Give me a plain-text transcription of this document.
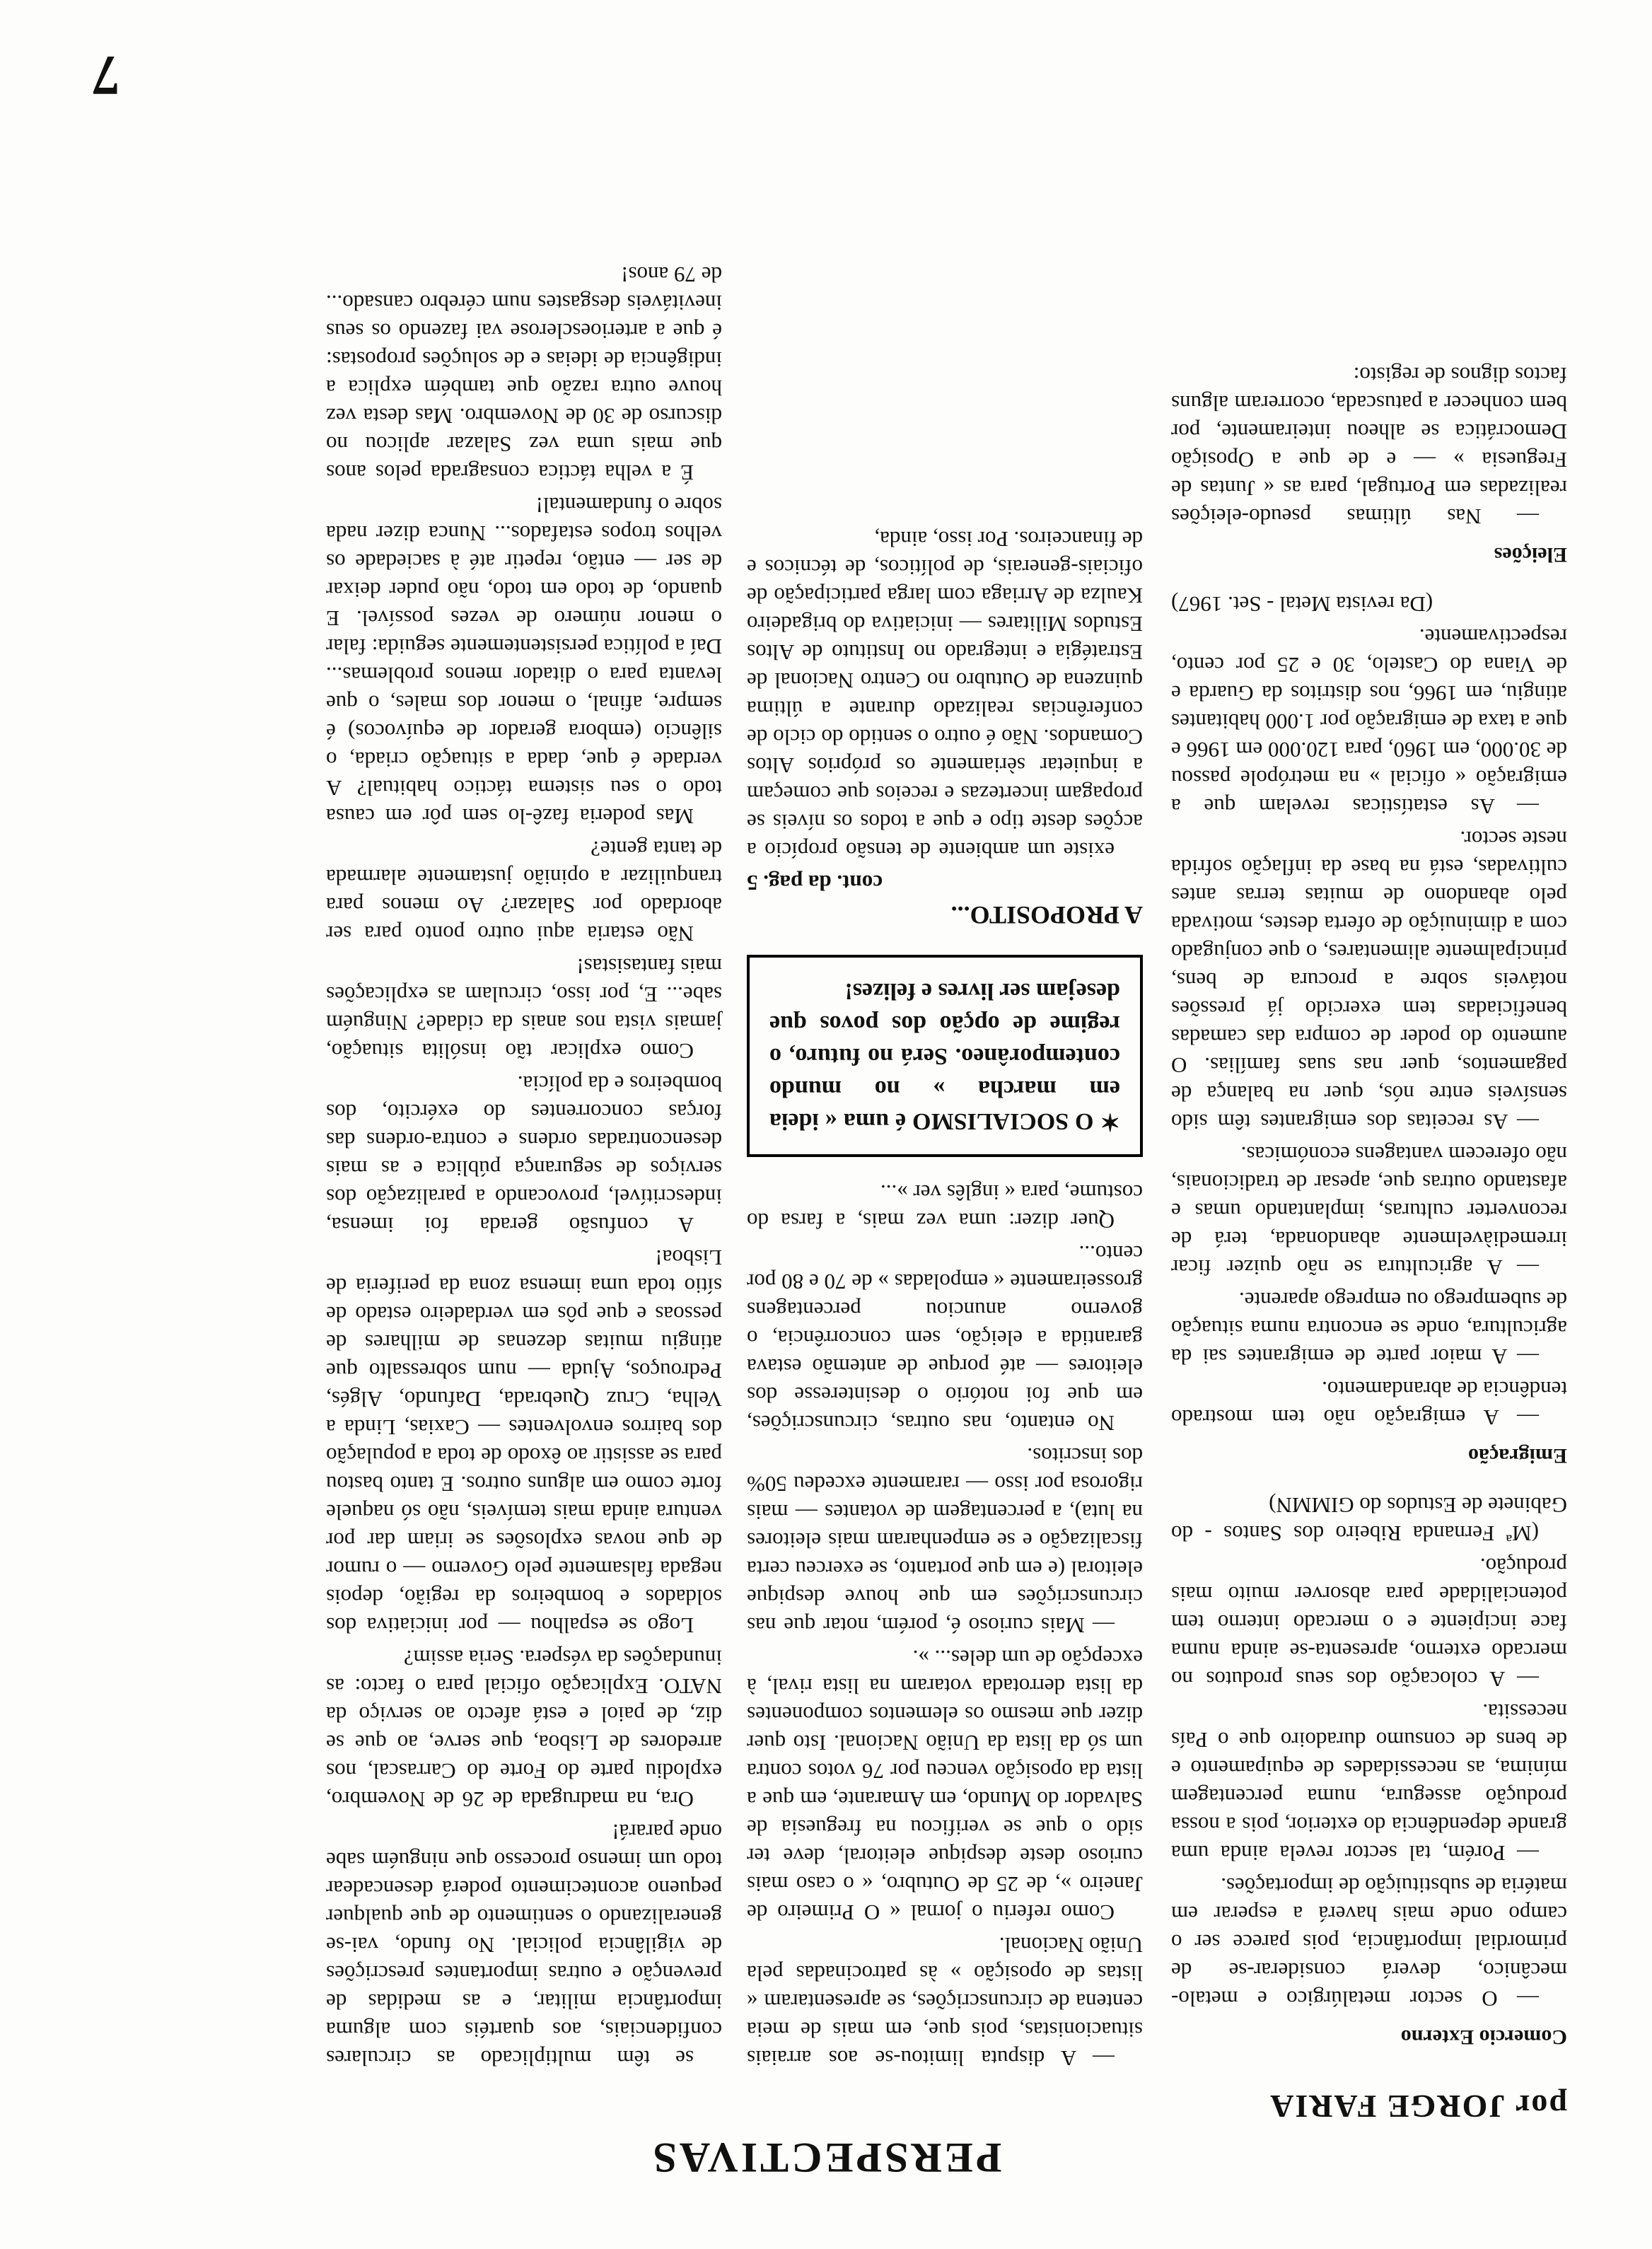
PERSPECTIVAS
por JORGE FARIA
Comercio Externo

— O sector metalúrgico e metalo-mecânico, deverá considerar-se de primordial importância, pois parece ser o campo onde mais haverá a esperar em matéria de substituição de importações.

— Porém, tal sector revela ainda uma grande dependência do exterior, pois a nossa produção assegura, numa percentagem mínima, as necessidades de equipamento e de bens de consumo duradoiro que o País necessita.

— A colocação dos seus produtos no mercado externo, apresenta-se ainda numa face incipiente e o mercado interno tem potencialidade para absorver muito mais produção.

(Mª Fernanda Ribeiro dos Santos - do Gabinete de Estudos do GIMMN)

Emigração

— A emigração não tem mostrado tendência de abrandamento.

— A maior parte de emigrantes sai da agricultura, onde se encontra numa situação de subemprego ou emprego aparente.

— A agricultura se não quizer ficar irremediàvelmente abandonada, terá de reconverter culturas, implantando umas e afastando outras que, apesar de tradicionais, não oferecem vantagens económicas.

— As receitas dos emigrantes têm sido sensíveis entre nós, quer na balança de pagamentos, quer nas suas famílias. O aumento do poder de compra das camadas beneficiadas tem exercido já pressões notáveis sobre a procura de bens, principalmente alimentares, o que conjugado com a diminuição de oferta destes, motivada pelo abandono de muitas terras antes cultivadas, está na base da inflação sofrida neste sector.

— As estatísticas revelam que a emigração « oficial » na metrópole passou de 30.000, em 1960, para 120.000 em 1966 e que a taxa de emigração por 1.000 habitantes atingiu, em 1966, nos distritos da Guarda e de Viana do Castelo, 30 e 25 por cento, respectivamente.

(Da revista Metal - Set. 1967)

Eleições

— Nas últimas pseudo-eleições realizadas em Portugal, para as « Juntas de Freguesia » — e de que a Oposição Democrática se alheou inteiramente, por bem conhecer a patuscada, ocorreram alguns factos dignos de registo:

— A disputa limitou-se aos arraiais situacionistas, pois que, em mais de meia centena de circunscrições, se apresentaram « listas de oposição » às patrocinadas pela União Nacional.

Como referiu o jornal « O Primeiro de Janeiro », de 25 de Outubro, « o caso mais curioso deste despique eleitoral, deve ter sido o que se verificou na freguesia de Salvador do Mundo, em Amarante, em que a lista da oposição venceu por 76 votos contra um só da lista da União Nacional. Isto quer dizer que mesmo os elementos componentes da lista derrotada votaram na lista rival, à excepção de um deles... ».

— Mais curioso é, porém, notar que nas circunscrições em que houve despique eleitoral (e em que portanto, se exerceu certa fiscalização e se empenharam mais eleitores na luta), a percentagem de votantes — mais rigorosa por isso — raramente excedeu 50% dos inscritos.

No entanto, nas outras, circunscrições, em que foi notório o desinteresse dos eleitores — até porque de antemão estava garantida a eleição, sem concorrência, o governo anunciou percentagens grosseiramente « empoladas » de 70 e 80 por cento...

Quer dizer: uma vez mais, a farsa do costume, para « inglês ver »...

✶ O SOCIALISMO é uma « ideia em marcha » no mundo contemporâneo. Será no futuro, o regime de opção dos povos que desejam ser livres e felizes!

A PROPOSITO...

cont. da pag. 5

existe um ambiente de tensão propício a acções deste tipo e que a todos os níveis se propagam incertezas e receios que começam a inquietar sèriamente os próprios Altos Comandos. Não é outro o sentido do ciclo de conferências realizado durante a última quinzena de Outubro no Centro Nacional de Estratégia e integrado no Instituto de Altos Estudos Militares — iniciativa do brigadeiro Kaulza de Arriaga com larga participação de oficiais-generais, de políticos, de técnicos e de financeiros. Por isso, ainda,

se têm multiplicado as circulares confidenciais, aos quartéis com alguma importância militar, e as medidas de prevenção e outras importantes prescrições de vigilância policial. No fundo, vai-se generalizando o sentimento de que qualquer pequeno acontecimento poderá desencadear todo um imenso processo que ninguém sabe onde parará!

Ora, na madrugada de 26 de Novembro, explodiu parte do Forte do Carrascal, nos arredores de Lisboa, que serve, ao que se diz, de paiol e está afecto ao serviço da NATO. Explicação oficial para o facto: as inundações da véspera. Seria assim?

Logo se espalhou — por iniciativa dos soldados e bombeiros da região, depois negada falsamente pelo Governo — o rumor de que novas explosões se iriam dar por ventura ainda mais temíveis, não só naquele forte como em alguns outros. E tanto bastou para se assistir ao êxodo de toda a população dos bairros envolventes — Caxias, Linda a Velha, Cruz Quebrada, Dafundo, Algés, Pedrouços, Ajuda — num sobressalto que atingiu muitas dezenas de milhares de pessoas e que pôs em verdadeiro estado de sítio toda uma imensa zona da periferia de Lisboa!

A confusão gerada foi imensa, indescritível, provocando a paralização dos serviços de segurança pública e as mais desencontradas ordens e contra-ordens das forças concorrentes do exército, dos bombeiros e da polícia.

Como explicar tão insólita situação, jamais vista nos anais da cidade? Ninguém sabe... E, por isso, circulam as explicações mais fantasistas!

Não estaria aqui outro ponto para ser abordado por Salazar? Ao menos para tranquilizar a opinião justamente alarmada de tanta gente?

Mas poderia fazê-lo sem pôr em causa todo o seu sistema táctico habitual? A verdade é que, dada a situação criada, o silêncio (embora gerador de equívocos) é sempre, afinal, o menor dos males, o que levanta para o ditador menos problemas... Daí a política persistentemente seguida: falar o menor número de vezes possível. E quando, de todo em todo, não puder deixar de ser — então, repetir até à saciedade os velhos tropos estafados... Nunca dizer nada sobre o fundamental!

É a velha táctica consagrada pelos anos que mais uma vez Salazar aplicou no discurso de 30 de Novembro. Mas desta vez houve outra razão que também explica a indigência de ideias e de soluções propostas: é que a arterioesclerose vai fazendo os seus inevitáveis desgastes num cérebro cansado... de 79 anos!

7
